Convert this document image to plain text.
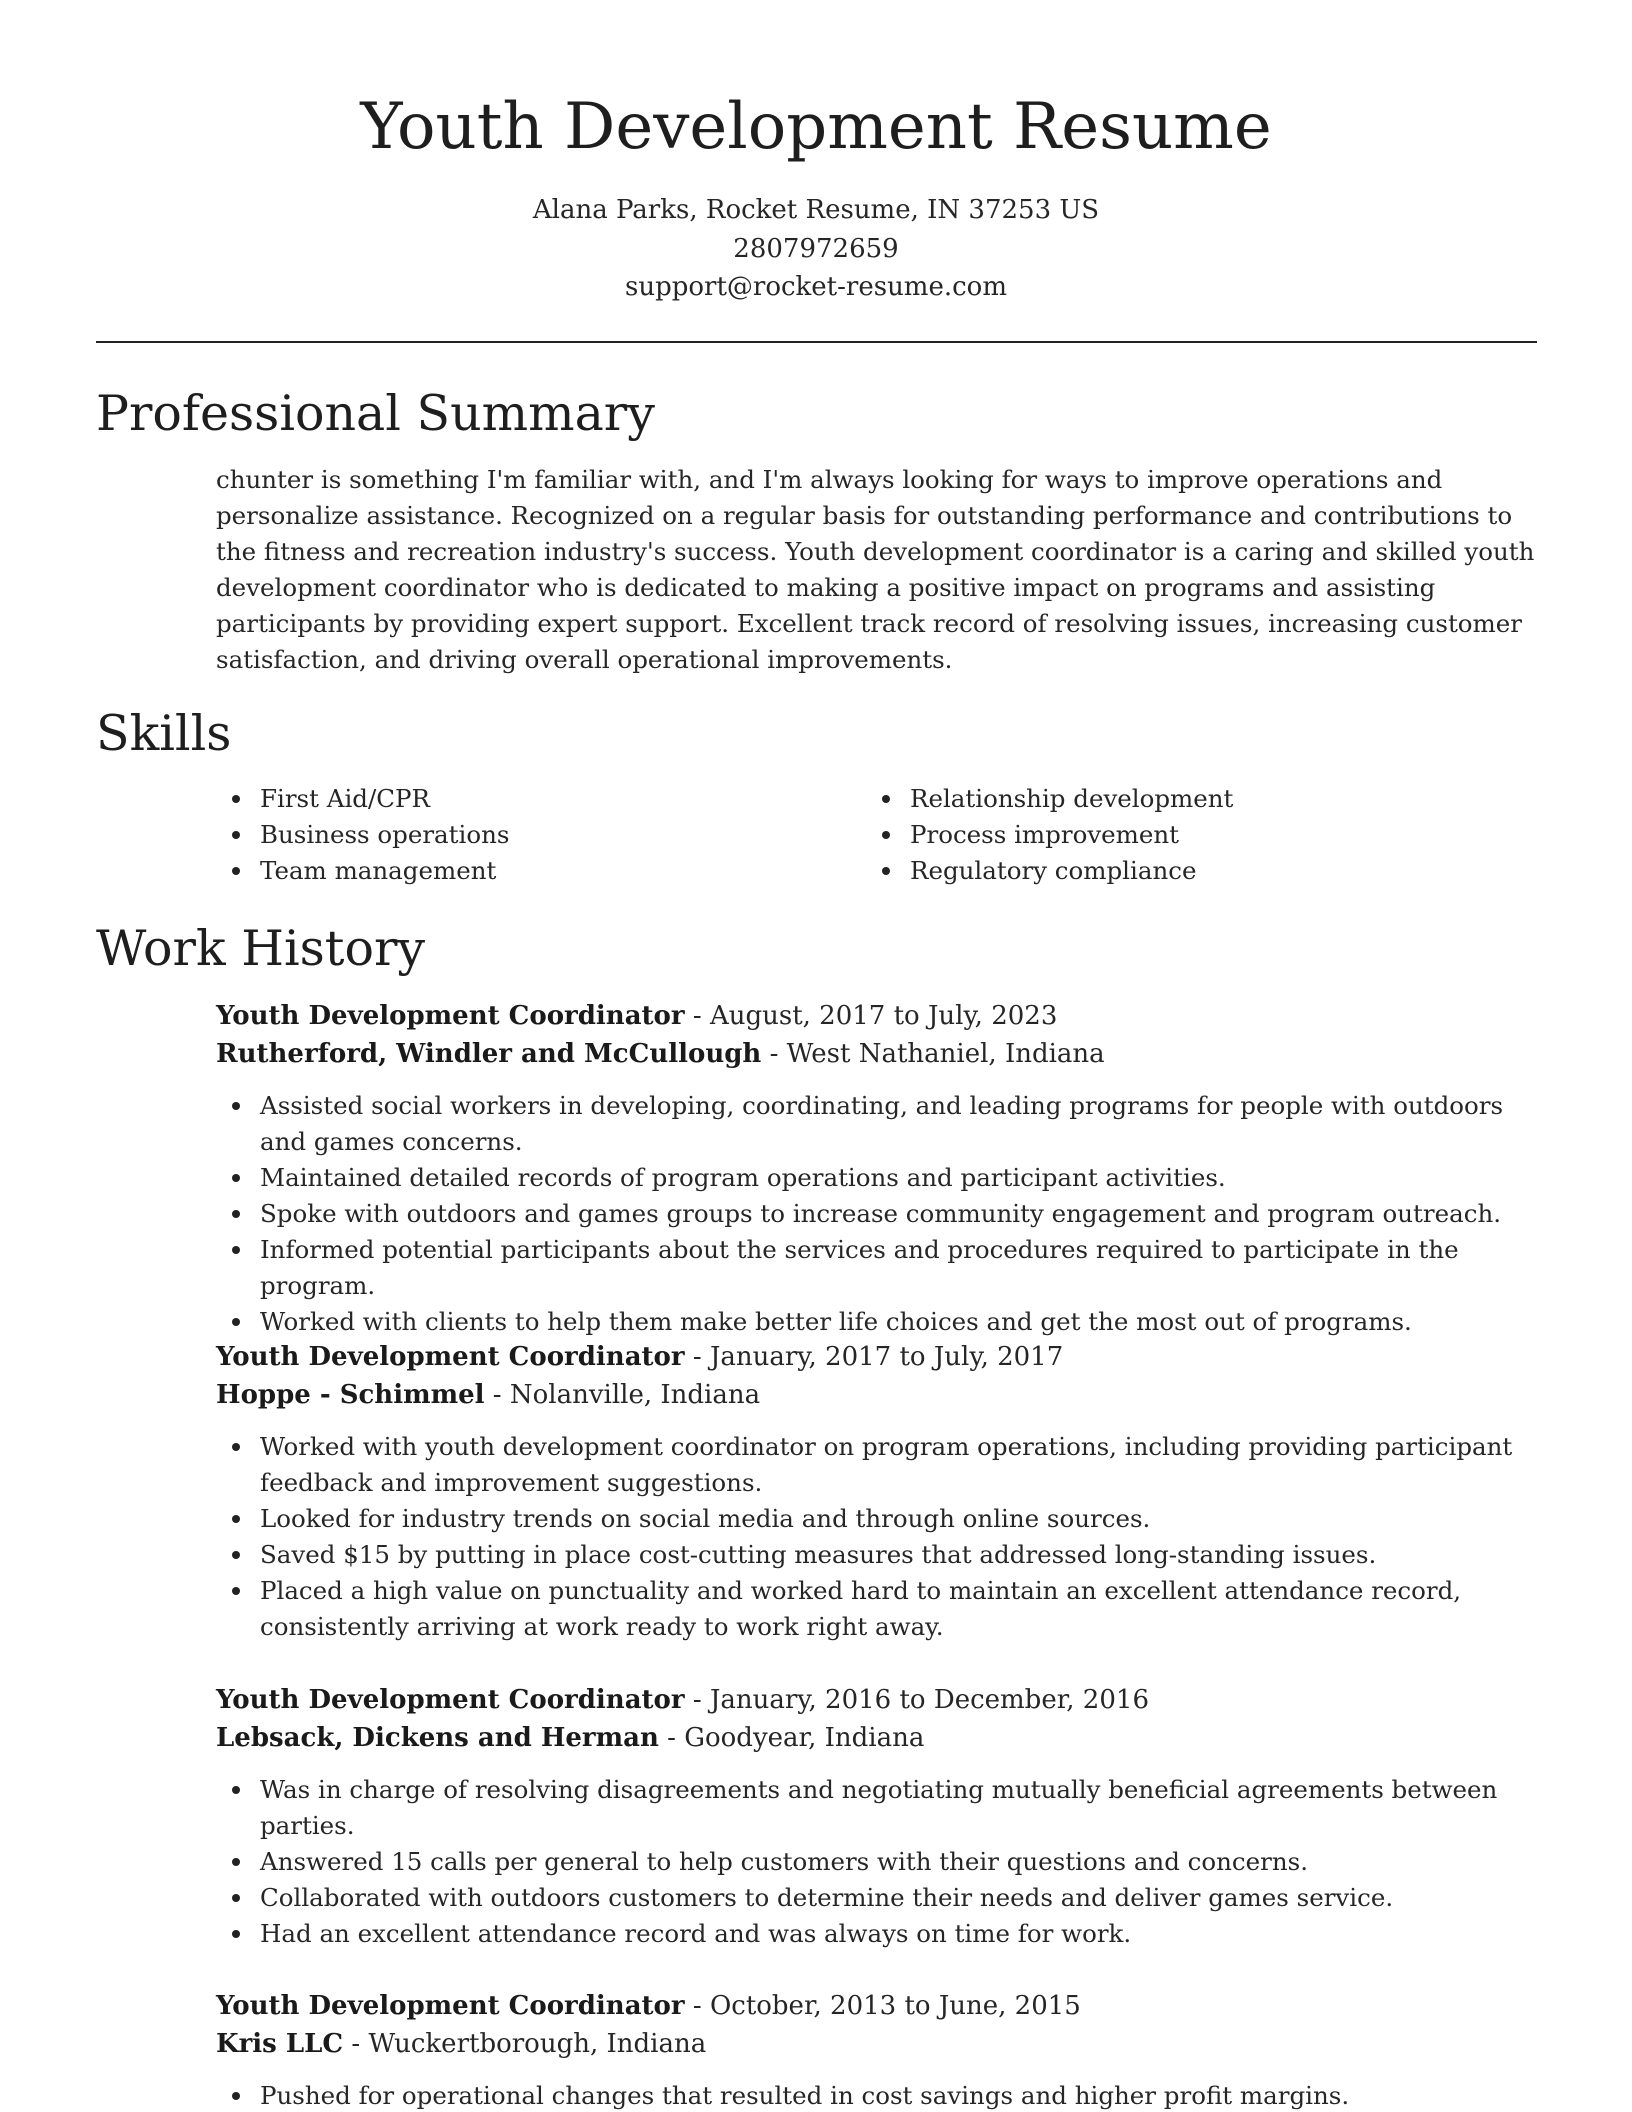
Youth Development Resume
Alana Parks, Rocket Resume, IN 37253 US
2807972659
support@rocket-resume.com
Professional Summary

chunter is something I'm familiar with, and I'm always looking for ways to improve operations and personalize assistance. Recognized on a regular basis for outstanding performance and contributions to the fitness and recreation industry's success. Youth development coordinator is a caring and skilled youth development coordinator who is dedicated to making a positive impact on programs and assisting participants by providing expert support. Excellent track record of resolving issues, increasing customer satisfaction, and driving overall operational improvements.

Skills
First Aid/CPR
Business operations
Team management
Relationship development
Process improvement
Regulatory compliance
Work History
Youth Development Coordinator - August, 2017 to July, 2023
Rutherford, Windler and McCullough - West Nathaniel, Indiana
Assisted social workers in developing, coordinating, and leading programs for people with outdoors and games concerns.
Maintained detailed records of program operations and participant activities.
Spoke with outdoors and games groups to increase community engagement and program outreach.
Informed potential participants about the services and procedures required to participate in the program.
Worked with clients to help them make better life choices and get the most out of programs.
Youth Development Coordinator - January, 2017 to July, 2017
Hoppe - Schimmel - Nolanville, Indiana
Worked with youth development coordinator on program operations, including providing participant feedback and improvement suggestions.
Looked for industry trends on social media and through online sources.
Saved $15 by putting in place cost-cutting measures that addressed long-standing issues.
Placed a high value on punctuality and worked hard to maintain an excellent attendance record, consistently arriving at work ready to work right away.
Youth Development Coordinator - January, 2016 to December, 2016
Lebsack, Dickens and Herman - Goodyear, Indiana
Was in charge of resolving disagreements and negotiating mutually beneficial agreements between parties.
Answered 15 calls per general to help customers with their questions and concerns.
Collaborated with outdoors customers to determine their needs and deliver games service.
Had an excellent attendance record and was always on time for work.
Youth Development Coordinator - October, 2013 to June, 2015
Kris LLC - Wuckertborough, Indiana
Pushed for operational changes that resulted in cost savings and higher profit margins.
